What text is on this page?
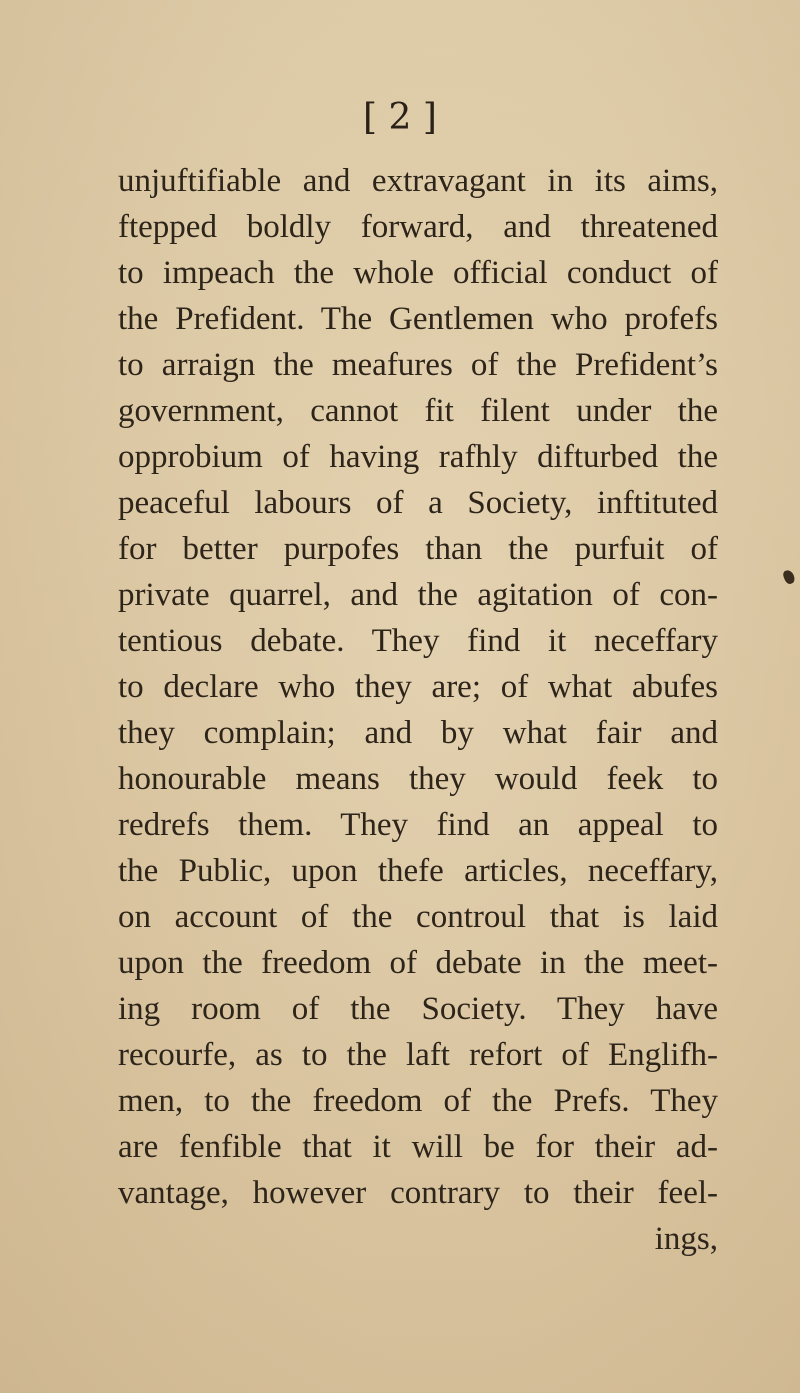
[ 2 ]
unjuftifiable and extravagant in its aims,
ftepped boldly forward, and threatened
to impeach the whole official conduct of
the Prefident. The Gentlemen who profefs
to arraign the meafures of the Prefident’s
government, cannot fit filent under the
opprobium of having rafhly difturbed the
peaceful labours of a Society, inftituted
for better purpofes than the purfuit of
private quarrel, and the agitation of con-
tentious debate. They find it neceffary
to declare who they are; of what abufes
they complain; and by what fair and
honourable means they would feek to
redrefs them. They find an appeal to
the Public, upon thefe articles, neceffary,
on account of the controul that is laid
upon the freedom of debate in the meet-
ing room of the Society. They have
recourfe, as to the laft refort of Englifh-
men, to the freedom of the Prefs. They
are fenfible that it will be for their ad-
vantage, however contrary to their feel-
ings,
